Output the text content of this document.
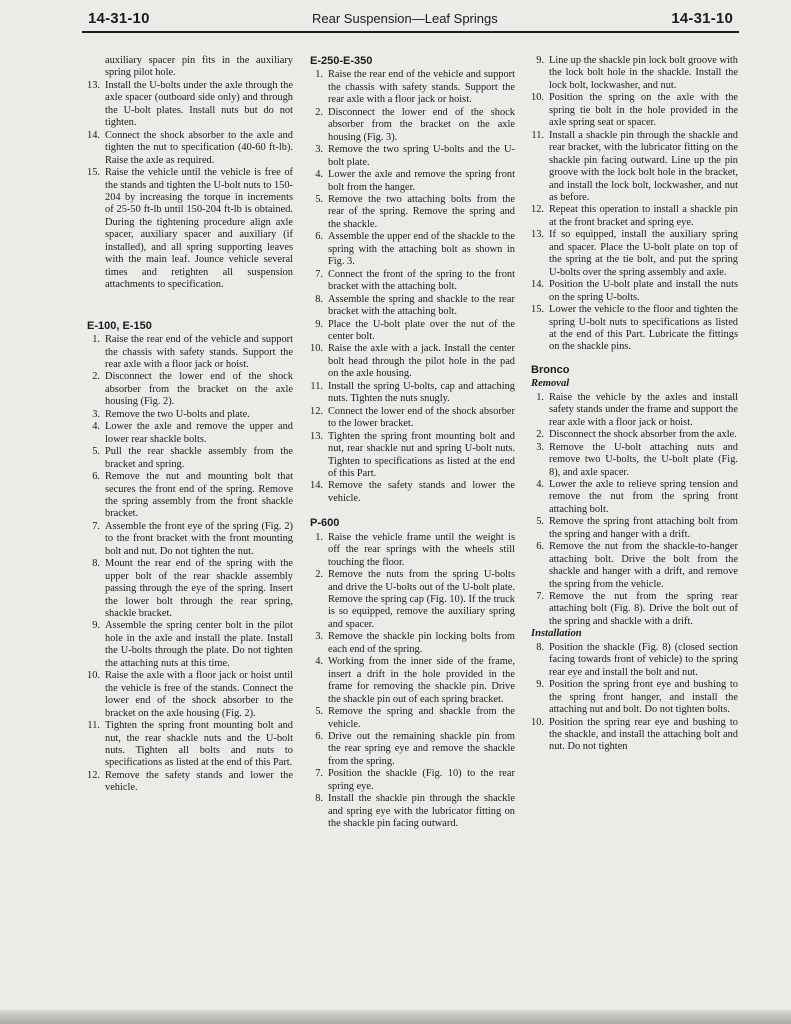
14-31-10	Rear Suspension—Leaf Springs	14-31-10

auxiliary spacer pin fits in the auxiliary spring pilot hole.

13. Install the U-bolts under the axle through the axle spacer (outboard side only) and through the U-bolt plates. Install nuts but do not tighten.
14. Connect the shock absorber to the axle and tighten the nut to specification (40-60 ft-lb). Raise the axle as required.
15. Raise the vehicle until the vehicle is free of the stands and tighten the U-bolt nuts to 150-204 by increasing the torque in increments of 25-50 ft-lb until 150-204 ft-lb is obtained. During the tightening procedure align axle spacer, auxiliary spacer and auxiliary (if installed), and all spring supporting leaves with the main leaf. Jounce vehicle several times and retighten all suspension attachments to specification.
E-100, E-150
1. Raise the rear end of the vehicle and support the chassis with safety stands. Support the rear axle with a floor jack or hoist.
2. Disconnect the lower end of the shock absorber from the bracket on the axle housing (Fig. 2).
3. Remove the two U-bolts and plate.
4. Lower the axle and remove the upper and lower rear shackle bolts.
5. Pull the rear shackle assembly from the bracket and spring.
6. Remove the nut and mounting bolt that secures the front end of the spring. Remove the spring assembly from the front shackle bracket.
7. Assemble the front eye of the spring (Fig. 2) to the front bracket with the front mounting bolt and nut. Do not tighten the nut.
8. Mount the rear end of the spring with the upper bolt of the rear shackle assembly passing through the eye of the spring. Insert the lower bolt through the rear spring, shackle bracket.
9. Assemble the spring center bolt in the pilot hole in the axle and install the plate. Install the U-bolts through the plate. Do not tighten the attaching nuts at this time.
10. Raise the axle with a floor jack or hoist until the vehicle is free of the stands. Connect the lower end of the shock absorber to the bracket on the axle housing (Fig. 2).
11. Tighten the spring front mounting bolt and nut, the rear shackle nuts and the U-bolt nuts. Tighten all bolts and nuts to specifications as listed at the end of this Part.
12. Remove the safety stands and lower the vehicle.
E-250-E-350
1. Raise the rear end of the vehicle and support the chassis with safety stands. Support the rear axle with a floor jack or hoist.
2. Disconnect the lower end of the shock absorber from the bracket on the axle housing (Fig. 3).
3. Remove the two spring U-bolts and the U-bolt plate.
4. Lower the axle and remove the spring front bolt from the hanger.
5. Remove the two attaching bolts from the rear of the spring. Remove the spring and the shackle.
6. Assemble the upper end of the shackle to the spring with the attaching bolt as shown in Fig. 3.
7. Connect the front of the spring to the front bracket with the attaching bolt.
8. Assemble the spring and shackle to the rear bracket with the attaching bolt.
9. Place the U-bolt plate over the nut of the center bolt.
10. Raise the axle with a jack. Install the center bolt head through the pilot hole in the pad on the axle housing.
11. Install the spring U-bolts, cap and attaching nuts. Tighten the nuts snugly.
12. Connect the lower end of the shock absorber to the lower bracket.
13. Tighten the spring front mounting bolt and nut, rear shackle nut and spring U-bolt nuts. Tighten to specifications as listed at the end of this Part.
14. Remove the safety stands and lower the vehicle.
P-600
1. Raise the vehicle frame until the weight is off the rear springs with the wheels still touching the floor.
2. Remove the nuts from the spring U-bolts and drive the U-bolts out of the U-bolt plate. Remove the spring cap (Fig. 10). If the truck is so equipped, remove the auxiliary spring and spacer.
3. Remove the shackle pin locking bolts from each end of the spring.
4. Working from the inner side of the frame, insert a drift in the hole provided in the frame for removing the shackle pin. Drive the shackle pin out of each spring bracket.
5. Remove the spring and shackle from the vehicle.
6. Drive out the remaining shackle pin from the rear spring eye and remove the shackle from the spring.
7. Position the shackle (Fig. 10) to the rear spring eye.
8. Install the shackle pin through the shackle and spring eye with the lubricator fitting on the shackle pin facing outward.
9. Line up the shackle pin lock bolt groove with the lock bolt hole in the shackle. Install the lock bolt, lockwasher, and nut.
10. Position the spring on the axle with the spring tie bolt in the hole provided in the axle spring seat or spacer.
11. Install a shackle pin through the shackle and rear bracket, with the lubricator fitting on the shackle pin facing outward. Line up the pin groove with the lock bolt hole in the bracket, and install the lock bolt, lockwasher, and nut as before.
12. Repeat this operation to install a shackle pin at the front bracket and spring eye.
13. If so equipped, install the auxiliary spring and spacer. Place the U-bolt plate on top of the spring at the tie bolt, and put the spring U-bolts over the spring assembly and axle.
14. Position the U-bolt plate and install the nuts on the spring U-bolts.
15. Lower the vehicle to the floor and tighten the spring U-bolt nuts to specifications as listed at the end of this Part. Lubricate the fittings on the shackle pins.
Bronco
Removal
1. Raise the vehicle by the axles and install safety stands under the frame and support the rear axle with a floor jack or hoist.
2. Disconnect the shock absorber from the axle.
3. Remove the U-bolt attaching nuts and remove two U-bolts, the U-bolt plate (Fig. 8), and axle spacer.
4. Lower the axle to relieve spring tension and remove the nut from the spring front attaching bolt.
5. Remove the spring front attaching bolt from the spring and hanger with a drift.
6. Remove the nut from the shackle-to-hanger attaching bolt. Drive the bolt from the shackle and hanger with a drift, and remove the spring from the vehicle.
7. Remove the nut from the spring rear attaching bolt (Fig. 8). Drive the bolt out of the spring and shackle with a drift.
Installation
8. Position the shackle (Fig. 8) (closed section facing towards front of vehicle) to the spring rear eye and install the bolt and nut.
9. Position the spring front eye and bushing to the spring front hanger, and install the attaching nut and bolt. Do not tighten bolts.
10. Position the spring rear eye and bushing to the shackle, and install the attaching bolt and nut. Do not tighten
